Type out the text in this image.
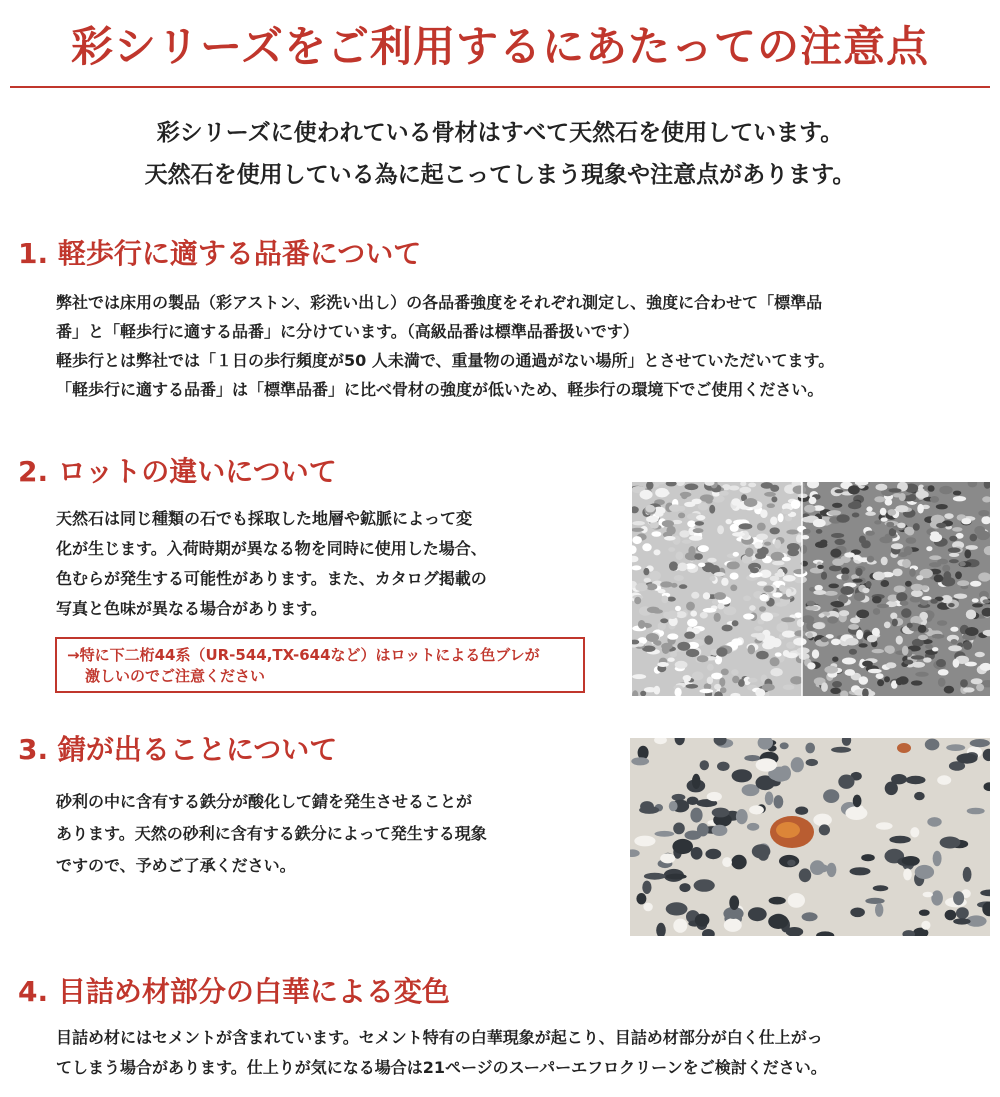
彩シリーズをご利用するにあたっての注意点
彩シリーズに使われている骨材はすべて天然石を使用しています。
天然石を使用している為に起こってしまう現象や注意点があります。
1. 軽歩行に適する品番について

弊社では床用の製品（彩アストン、彩洗い出し）の各品番強度をそれぞれ測定し、強度に合わせて「標準品

番」と「軽歩行に適する品番」に分けています。（高級品番は標準品番扱いです）

軽歩行とは弊社では「１日の歩行頻度が50 人未満で、重量物の通過がない場所」とさせていただいてます。

「軽歩行に適する品番」は「標準品番」に比べ骨材の強度が低いため、軽歩行の環境下でご使用ください。

2. ロットの違いについて

天然石は同じ種類の石でも採取した地層や鉱脈によって変

化が生じます。入荷時期が異なる物を同時に使用した場合、

色むらが発生する可能性があります。また、カタログ掲載の

写真と色味が異なる場合があります。

→特に下二桁44系（UR-544,TX-644など）はロットによる色ブレが

激しいのでご注意ください

3. 錆が出ることについて

砂利の中に含有する鉄分が酸化して錆を発生させることが

あります。天然の砂利に含有する鉄分によって発生する現象

ですので、予めご了承ください。

4. 目詰め材部分の白華による変色

目詰め材にはセメントが含まれています。セメント特有の白華現象が起こり、目詰め材部分が白く仕上がっ

てしまう場合があります。仕上りが気になる場合は21ページのスーパーエフロクリーンをご検討ください。
